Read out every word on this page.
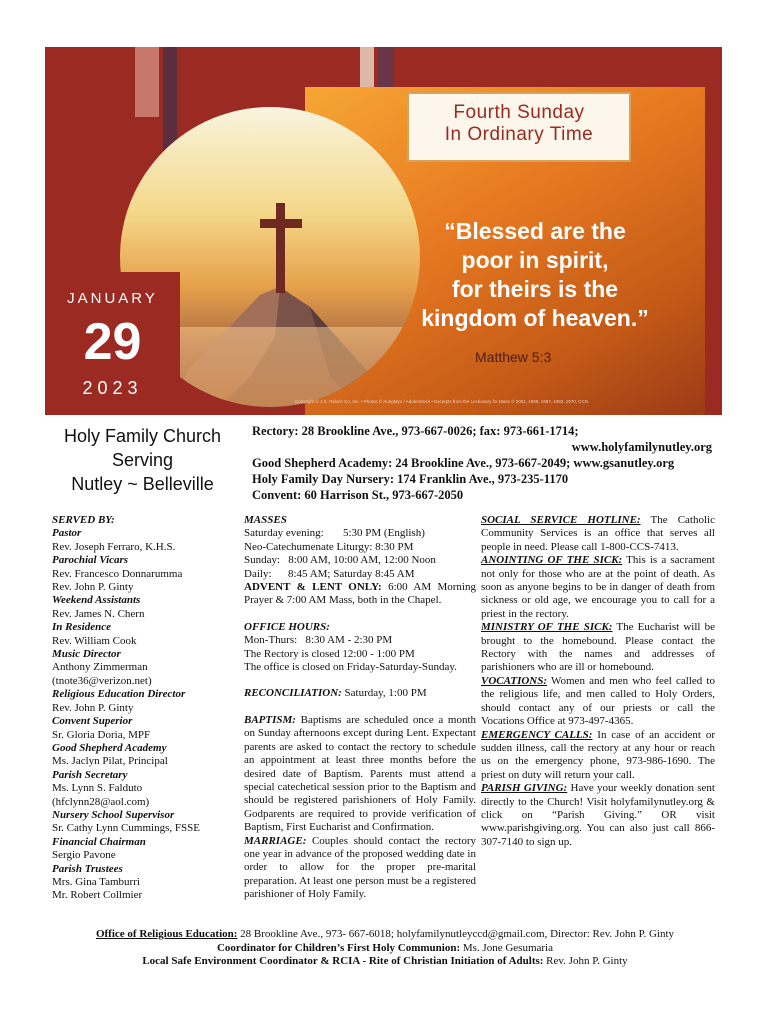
JANUARY
29
2023
Fourth Sunday
In Ordinary Time
“Blessed are the
poor in spirit,
for theirs is the
kingdom of heaven.”
Matthew 5:3
Copyright © J.S. Paluch Co. Inc. • Photos © AungMyo / AdobeStock • Excerpts from the Lectionary for Mass © 2001, 1998, 1997, 1992, 1970, CCD.
Holy Family Church
Serving
Nutley ~ Belleville
Rectory: 28 Brookline Ave., 973-667-0026; fax: 973-661-1714;
www.holyfamilynutley.org
Good Shepherd Academy: 24 Brookline Ave., 973-667-2049; www.gsanutley.org
Holy Family Day Nursery: 174 Franklin Ave., 973-235-1170
Convent: 60 Harrison St., 973-667-2050
SERVED BY:
Pastor
Rev. Joseph Ferraro, K.H.S.
Parochial Vicars
Rev. Francesco Donnarumma
Rev. John P. Ginty
Weekend Assistants
Rev. James N. Chern
In Residence
Rev. William Cook
Music Director
Anthony Zimmerman
(tnote36@verizon.net)
Religious Education Director
Rev. John P. Ginty
Convent Superior
Sr. Gloria Doria, MPF
Good Shepherd Academy
Ms. Jaclyn Pilat, Principal
Parish Secretary
Ms. Lynn S. Falduto
(hfclynn28@aol.com)
Nursery School Supervisor
Sr. Cathy Lynn Cummings, FSSE
Financial Chairman
Sergio Pavone
Parish Trustees
Mrs. Gina Tamburri
Mr. Robert Collmier
MASSES
Saturday evening:       5:30 PM (English)
Neo-Catechumenate Liturgy: 8:30 PM
Sunday:   8:00 AM, 10:00 AM, 12:00 Noon
Daily:      8:45 AM; Saturday 8:45 AM
ADVENT & LENT ONLY: 6:00 AM Morning Prayer & 7:00 AM Mass, both in the Chapel.
OFFICE HOURS:
Mon-Thurs:   8:30 AM - 2:30 PM
The Rectory is closed 12:00 - 1:00 PM
The office is closed on Friday-Saturday-Sunday.
RECONCILIATION: Saturday, 1:00 PM
BAPTISM: Baptisms are scheduled once a month on Sunday afternoons except during Lent. Expectant parents are asked to contact the rectory to schedule an appointment at least three months before the desired date of Baptism. Parents must attend a special catechetical session prior to the Baptism and should be registered parishioners of Holy Family. Godparents are required to provide verification of Baptism, First Eucharist and Confirmation.
MARRIAGE: Couples should contact the rectory one year in advance of the proposed wedding date in order to allow for the proper pre-marital preparation. At least one person must be a registered parishioner of Holy Family.
SOCIAL SERVICE HOTLINE: The Catholic Community Services is an office that serves all people in need. Please call 1-800-CCS-7413.
ANOINTING OF THE SICK: This is a sacrament not only for those who are at the point of death. As soon as anyone begins to be in danger of death from sickness or old age, we encourage you to call for a priest in the rectory.
MINISTRY OF THE SICK: The Eucharist will be brought to the homebound. Please contact the Rectory with the names and addresses of parishioners who are ill or homebound.
VOCATIONS: Women and men who feel called to the religious life, and men called to Holy Orders, should contact any of our priests or call the Vocations Office at 973-497-4365.
EMERGENCY CALLS: In case of an accident or sudden illness, call the rectory at any hour or reach us on the emergency phone, 973-986-1690. The priest on duty will return your call.
PARISH GIVING: Have your weekly donation sent directly to the Church! Visit holyfamilynutley.org & click on “Parish Giving.” OR visit www.parishgiving.org. You can also just call 866-307-7140 to sign up.
Office of Religious Education: 28 Brookline Ave., 973- 667-6018; holyfamilynutleyccd@gmail.com, Director: Rev. John P. Ginty
Coordinator for Children’s First Holy Communion: Ms. Jone Gesumaria
Local Safe Environment Coordinator & RCIA - Rite of Christian Initiation of Adults: Rev. John P. Ginty
